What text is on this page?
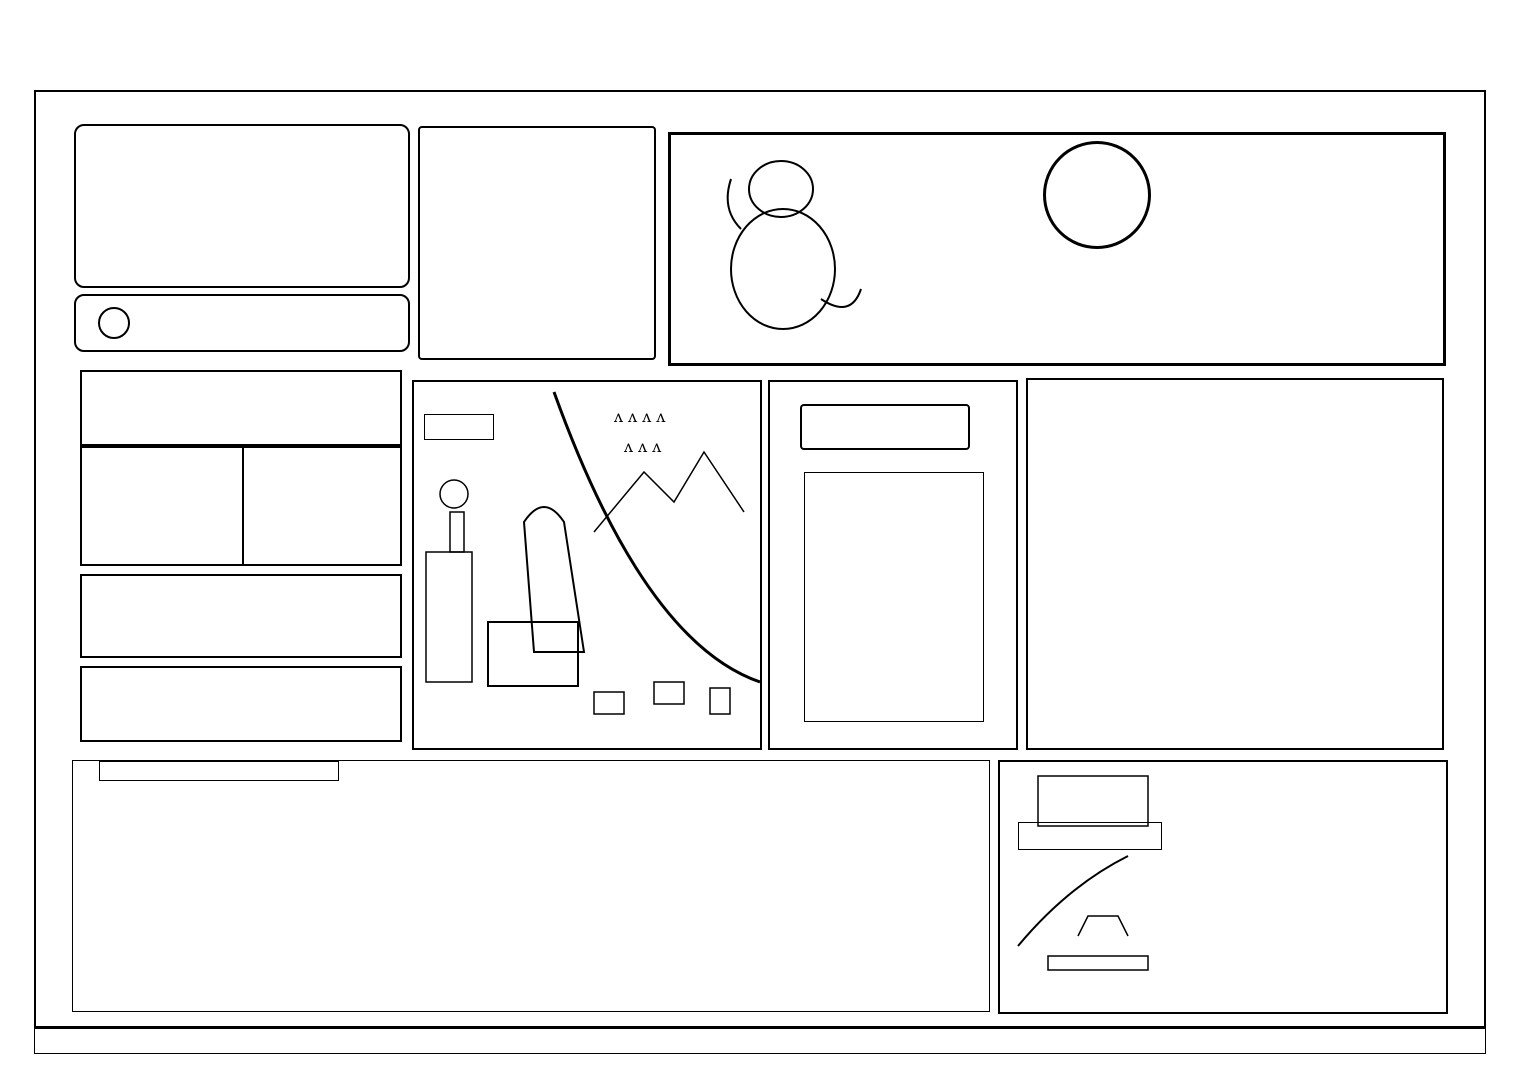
ʌ ʌ ʌ ʌ
ʌ ʌ ʌ
